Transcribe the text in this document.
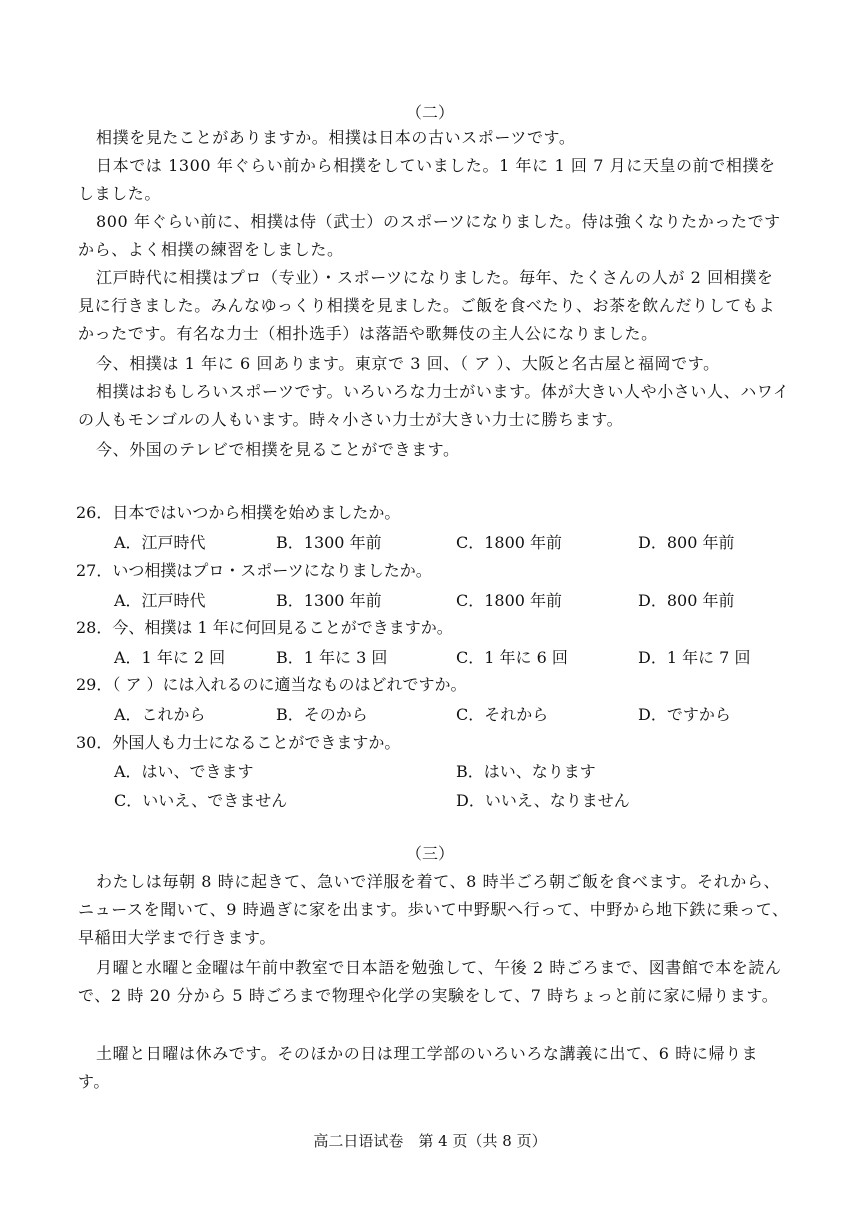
（二）
相撲を見たことがありますか。相撲は日本の古いスポーツです。
日本では 1300 年ぐらい前から相撲をしていました。1 年に 1 回 7 月に天皇の前で相撲をしました。
800 年ぐらい前に、相撲は侍（武士）のスポーツになりました。侍は強くなりたかったですから、よく相撲の練習をしました。
江戸時代に相撲はプロ（专业）・スポーツになりました。毎年、たくさんの人が 2 回相撲を見に行きました。みんなゆっくり相撲を見ました。ご飯を食べたり、お茶を飲んだりしてもよかったです。有名な力士（相扑选手）は落語や歌舞伎の主人公になりました。
今、相撲は 1 年に 6 回あります。東京で 3 回、（ ア ）、大阪と名古屋と福岡です。
相撲はおもしろいスポーツです。いろいろな力士がいます。体が大きい人や小さい人、ハワイの人もモンゴルの人もいます。時々小さい力士が大きい力士に勝ちます。
今、外国のテレビで相撲を見ることができます。
26．日本ではいつから相撲を始めましたか。
A．江戸時代	B．1300 年前	C．1800 年前	D．800 年前
27．いつ相撲はプロ・スポーツになりましたか。
A．江戸時代	B．1300 年前	C．1800 年前	D．800 年前
28．今、相撲は 1 年に何回見ることができますか。
A．1 年に 2 回	B．1 年に 3 回	C．1 年に 6 回	D．1 年に 7 回
29．（ ア ）には入れるのに適当なものはどれですか。
A．これから	B．そのから	C．それから	D．ですから
30．外国人も力士になることができますか。
A．はい、できます	B．はい、なります
C．いいえ、できません	D．いいえ、なりません
（三）
わたしは毎朝 8 時に起きて、急いで洋服を着て、8 時半ごろ朝ご飯を食べます。それから、ニュースを聞いて、9 時過ぎに家を出ます。歩いて中野駅へ行って、中野から地下鉄に乗って、早稲田大学まで行きます。
月曜と水曜と金曜は午前中教室で日本語を勉強して、午後 2 時ごろまで、図書館で本を読んで、2 時 20 分から 5 時ごろまで物理や化学の実験をして、7 時ちょっと前に家に帰ります。
土曜と日曜は休みです。そのほかの日は理工学部のいろいろな講義に出て、6 時に帰ります。
高二日语试卷　第 4 页（共 8 页）
